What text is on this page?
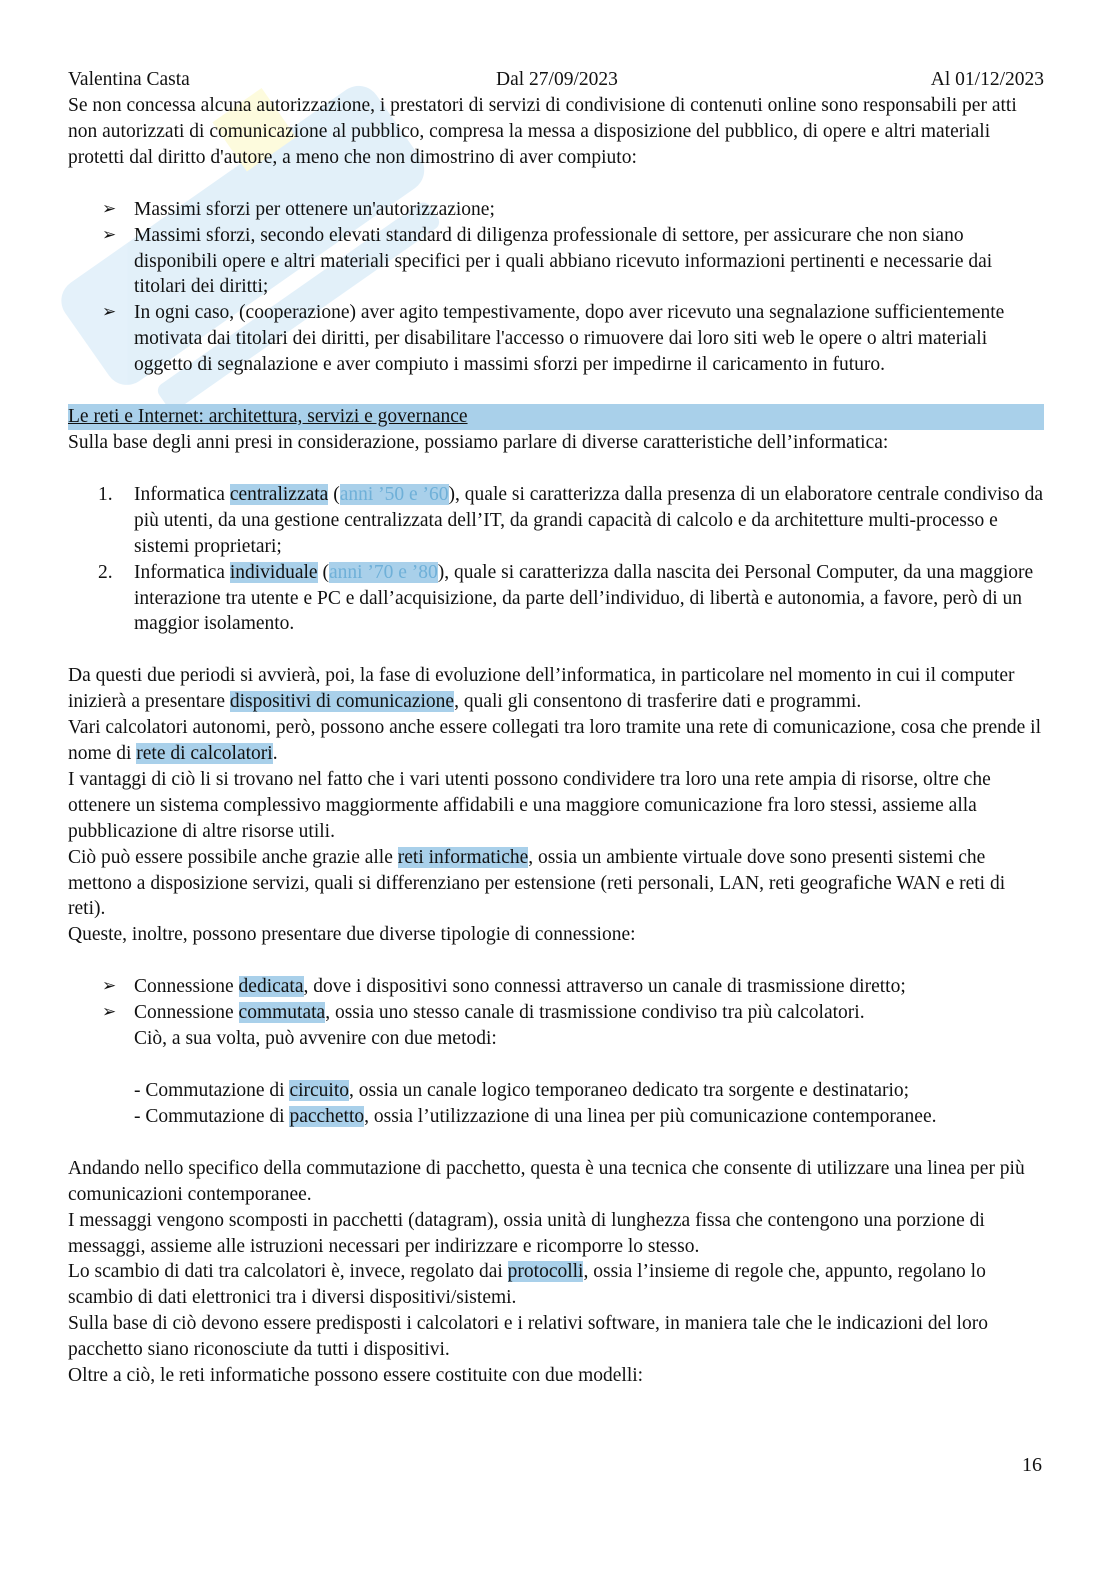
Valentina Casta	Dal 27/09/2023	Al 01/12/2023

Se non concessa alcuna autorizzazione, i prestatori di servizi di condivisione di contenuti online sono responsabili per atti non autorizzati di comunicazione al pubblico, compresa la messa a disposizione del pubblico, di opere e altri materiali protetti dal diritto d'autore, a meno che non dimostrino di aver compiuto:

➢ Massimi sforzi per ottenere un'autorizzazione;
➢ Massimi sforzi, secondo elevati standard di diligenza professionale di settore, per assicurare che non siano disponibili opere e altri materiali specifici per i quali abbiano ricevuto informazioni pertinenti e necessarie dai titolari dei diritti;
➢ In ogni caso, (cooperazione) aver agito tempestivamente, dopo aver ricevuto una segnalazione sufficientemente motivata dai titolari dei diritti, per disabilitare l'accesso o rimuovere dai loro siti web le opere o altri materiali oggetto di segnalazione e aver compiuto i massimi sforzi per impedirne il caricamento in futuro.

Le reti e Internet: architettura, servizi e governance

Sulla base degli anni presi in considerazione, possiamo parlare di diverse caratteristiche dell’informatica:

1. Informatica centralizzata (anni ’50 e ’60), quale si caratterizza dalla presenza di un elaboratore centrale condiviso da più utenti, da una gestione centralizzata dell’IT, da grandi capacità di calcolo e da architetture multi-processo e sistemi proprietari;
2. Informatica individuale (anni ’70 e ’80), quale si caratterizza dalla nascita dei Personal Computer, da una maggiore interazione tra utente e PC e dall’acquisizione, da parte dell’individuo, di libertà e autonomia, a favore, però di un maggior isolamento.

Da questi due periodi si avvierà, poi, la fase di evoluzione dell’informatica, in particolare nel momento in cui il computer inizierà a presentare dispositivi di comunicazione, quali gli consentono di trasferire dati e programmi.

Vari calcolatori autonomi, però, possono anche essere collegati tra loro tramite una rete di comunicazione, cosa che prende il nome di rete di calcolatori.

I vantaggi di ciò li si trovano nel fatto che i vari utenti possono condividere tra loro una rete ampia di risorse, oltre che ottenere un sistema complessivo maggiormente affidabili e una maggiore comunicazione fra loro stessi, assieme alla pubblicazione di altre risorse utili.

Ciò può essere possibile anche grazie alle reti informatiche, ossia un ambiente virtuale dove sono presenti sistemi che mettono a disposizione servizi, quali si differenziano per estensione (reti personali, LAN, reti geografiche WAN e reti di reti).

Queste, inoltre, possono presentare due diverse tipologie di connessione:

➢ Connessione dedicata, dove i dispositivi sono connessi attraverso un canale di trasmissione diretto;
➢ Connessione commutata, ossia uno stesso canale di trasmissione condiviso tra più calcolatori.

Ciò, a sua volta, può avvenire con due metodi:

- Commutazione di circuito, ossia un canale logico temporaneo dedicato tra sorgente e destinatario;

- Commutazione di pacchetto, ossia l’utilizzazione di una linea per più comunicazione contemporanee.

Andando nello specifico della commutazione di pacchetto, questa è una tecnica che consente di utilizzare una linea per più comunicazioni contemporanee.

I messaggi vengono scomposti in pacchetti (datagram), ossia unità di lunghezza fissa che contengono una porzione di messaggi, assieme alle istruzioni necessari per indirizzare e ricomporre lo stesso.

Lo scambio di dati tra calcolatori è, invece, regolato dai protocolli, ossia l’insieme di regole che, appunto, regolano lo scambio di dati elettronici tra i diversi dispositivi/sistemi.

Sulla base di ciò devono essere predisposti i calcolatori e i relativi software, in maniera tale che le indicazioni del loro pacchetto siano riconosciute da tutti i dispositivi.

Oltre a ciò, le reti informatiche possono essere costituite con due modelli:

16
